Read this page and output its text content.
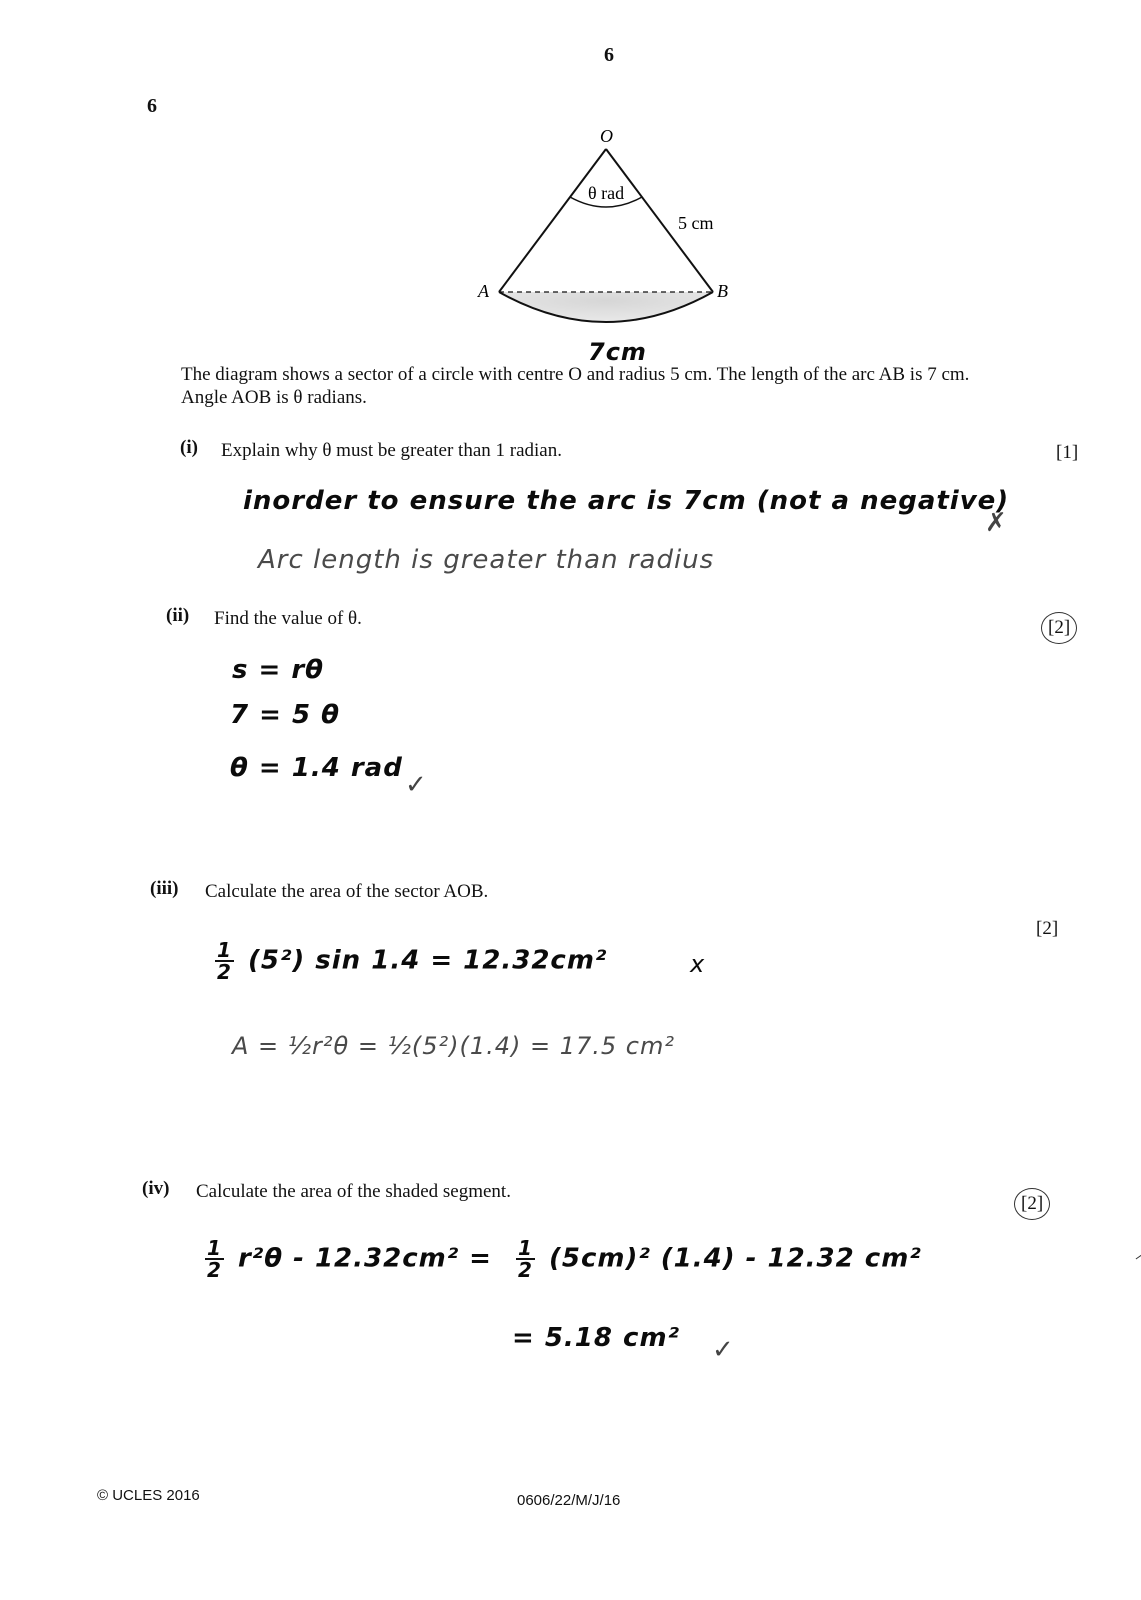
6
6
O
A	B
θ rad
5 cm
7cm
The diagram shows a sector of a circle with centre O and radius 5 cm. The length of the arc AB is 7 cm.
Angle AOB is θ radians.
(i) Explain why θ must be greater than 1 radian.	[1]
inorder to ensure the arc is 7cm (not a negative)
✗
Arc length is greater than radius
(ii) Find the value of θ.	[2]
s = rθ
7 = 5 θ
θ = 1.4 rad
✓
(iii) Calculate the area of the sector AOB.
[2]
$\frac{1}{2} (5^2)$ sin 1.4 = 12.32cm²	x
A = ½r²θ = ½(5²)(1.4) = 17.5 cm²
(iv) Calculate the area of the shaded segment.
[2]
$\frac{1}{2} r^2\theta - 12.32cm^2 = \frac{1}{2} (5cm)^2$ (1.4) - 12.32 cm²
= 5.18 cm² ✓
© UCLES 2016	0606/22/M/J/16
